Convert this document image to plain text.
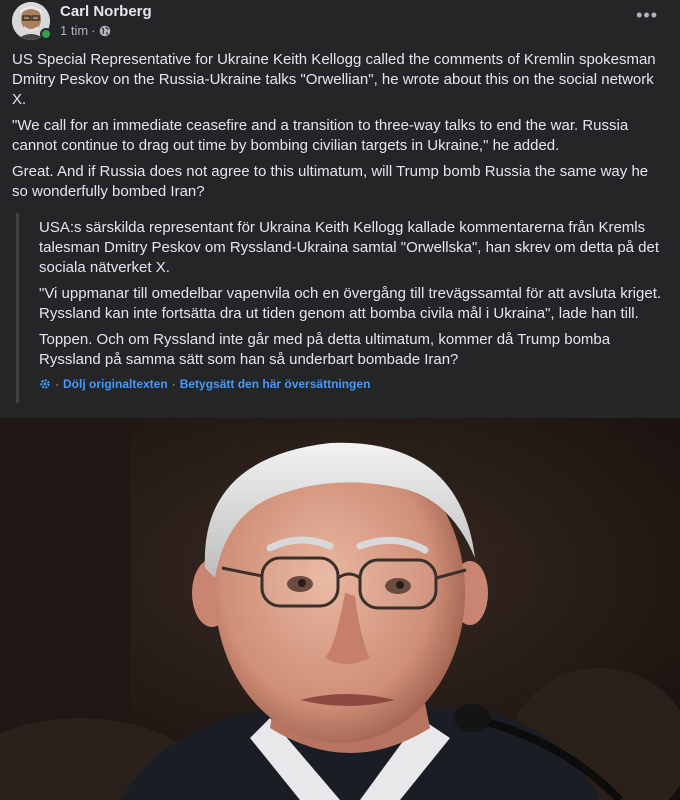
Carl Norberg
1 tim ·
•••

US Special Representative for Ukraine Keith Kellogg called the comments of Kremlin spokesman Dmitry Peskov on the Russia-Ukraine talks "Orwellian", he wrote about this on the social network X.

"We call for an immediate ceasefire and a transition to three-way talks to end the war. Russia cannot continue to drag out time by bombing civilian targets in Ukraine," he added.

Great. And if Russia does not agree to this ultimatum, will Trump bomb Russia the same way he so wonderfully bombed Iran?

USA:s särskilda representant för Ukraina Keith Kellogg kallade kommentarerna från Kremls talesman Dmitry Peskov om Ryssland-Ukraina samtal "Orwellska", han skrev om detta på det sociala nätverket X.
"Vi uppmanar till omedelbar vapenvila och en övergång till trevägssamtal för att avsluta kriget. Ryssland kan inte fortsätta dra ut tiden genom att bomba civila mål i Ukraina", lade han till.
Toppen. Och om Ryssland inte går med på detta ultimatum, kommer då Trump bomba Ryssland på samma sätt som han så underbart bombade Iran?
· Dölj originaltexten · Betygsätt den här översättningen
